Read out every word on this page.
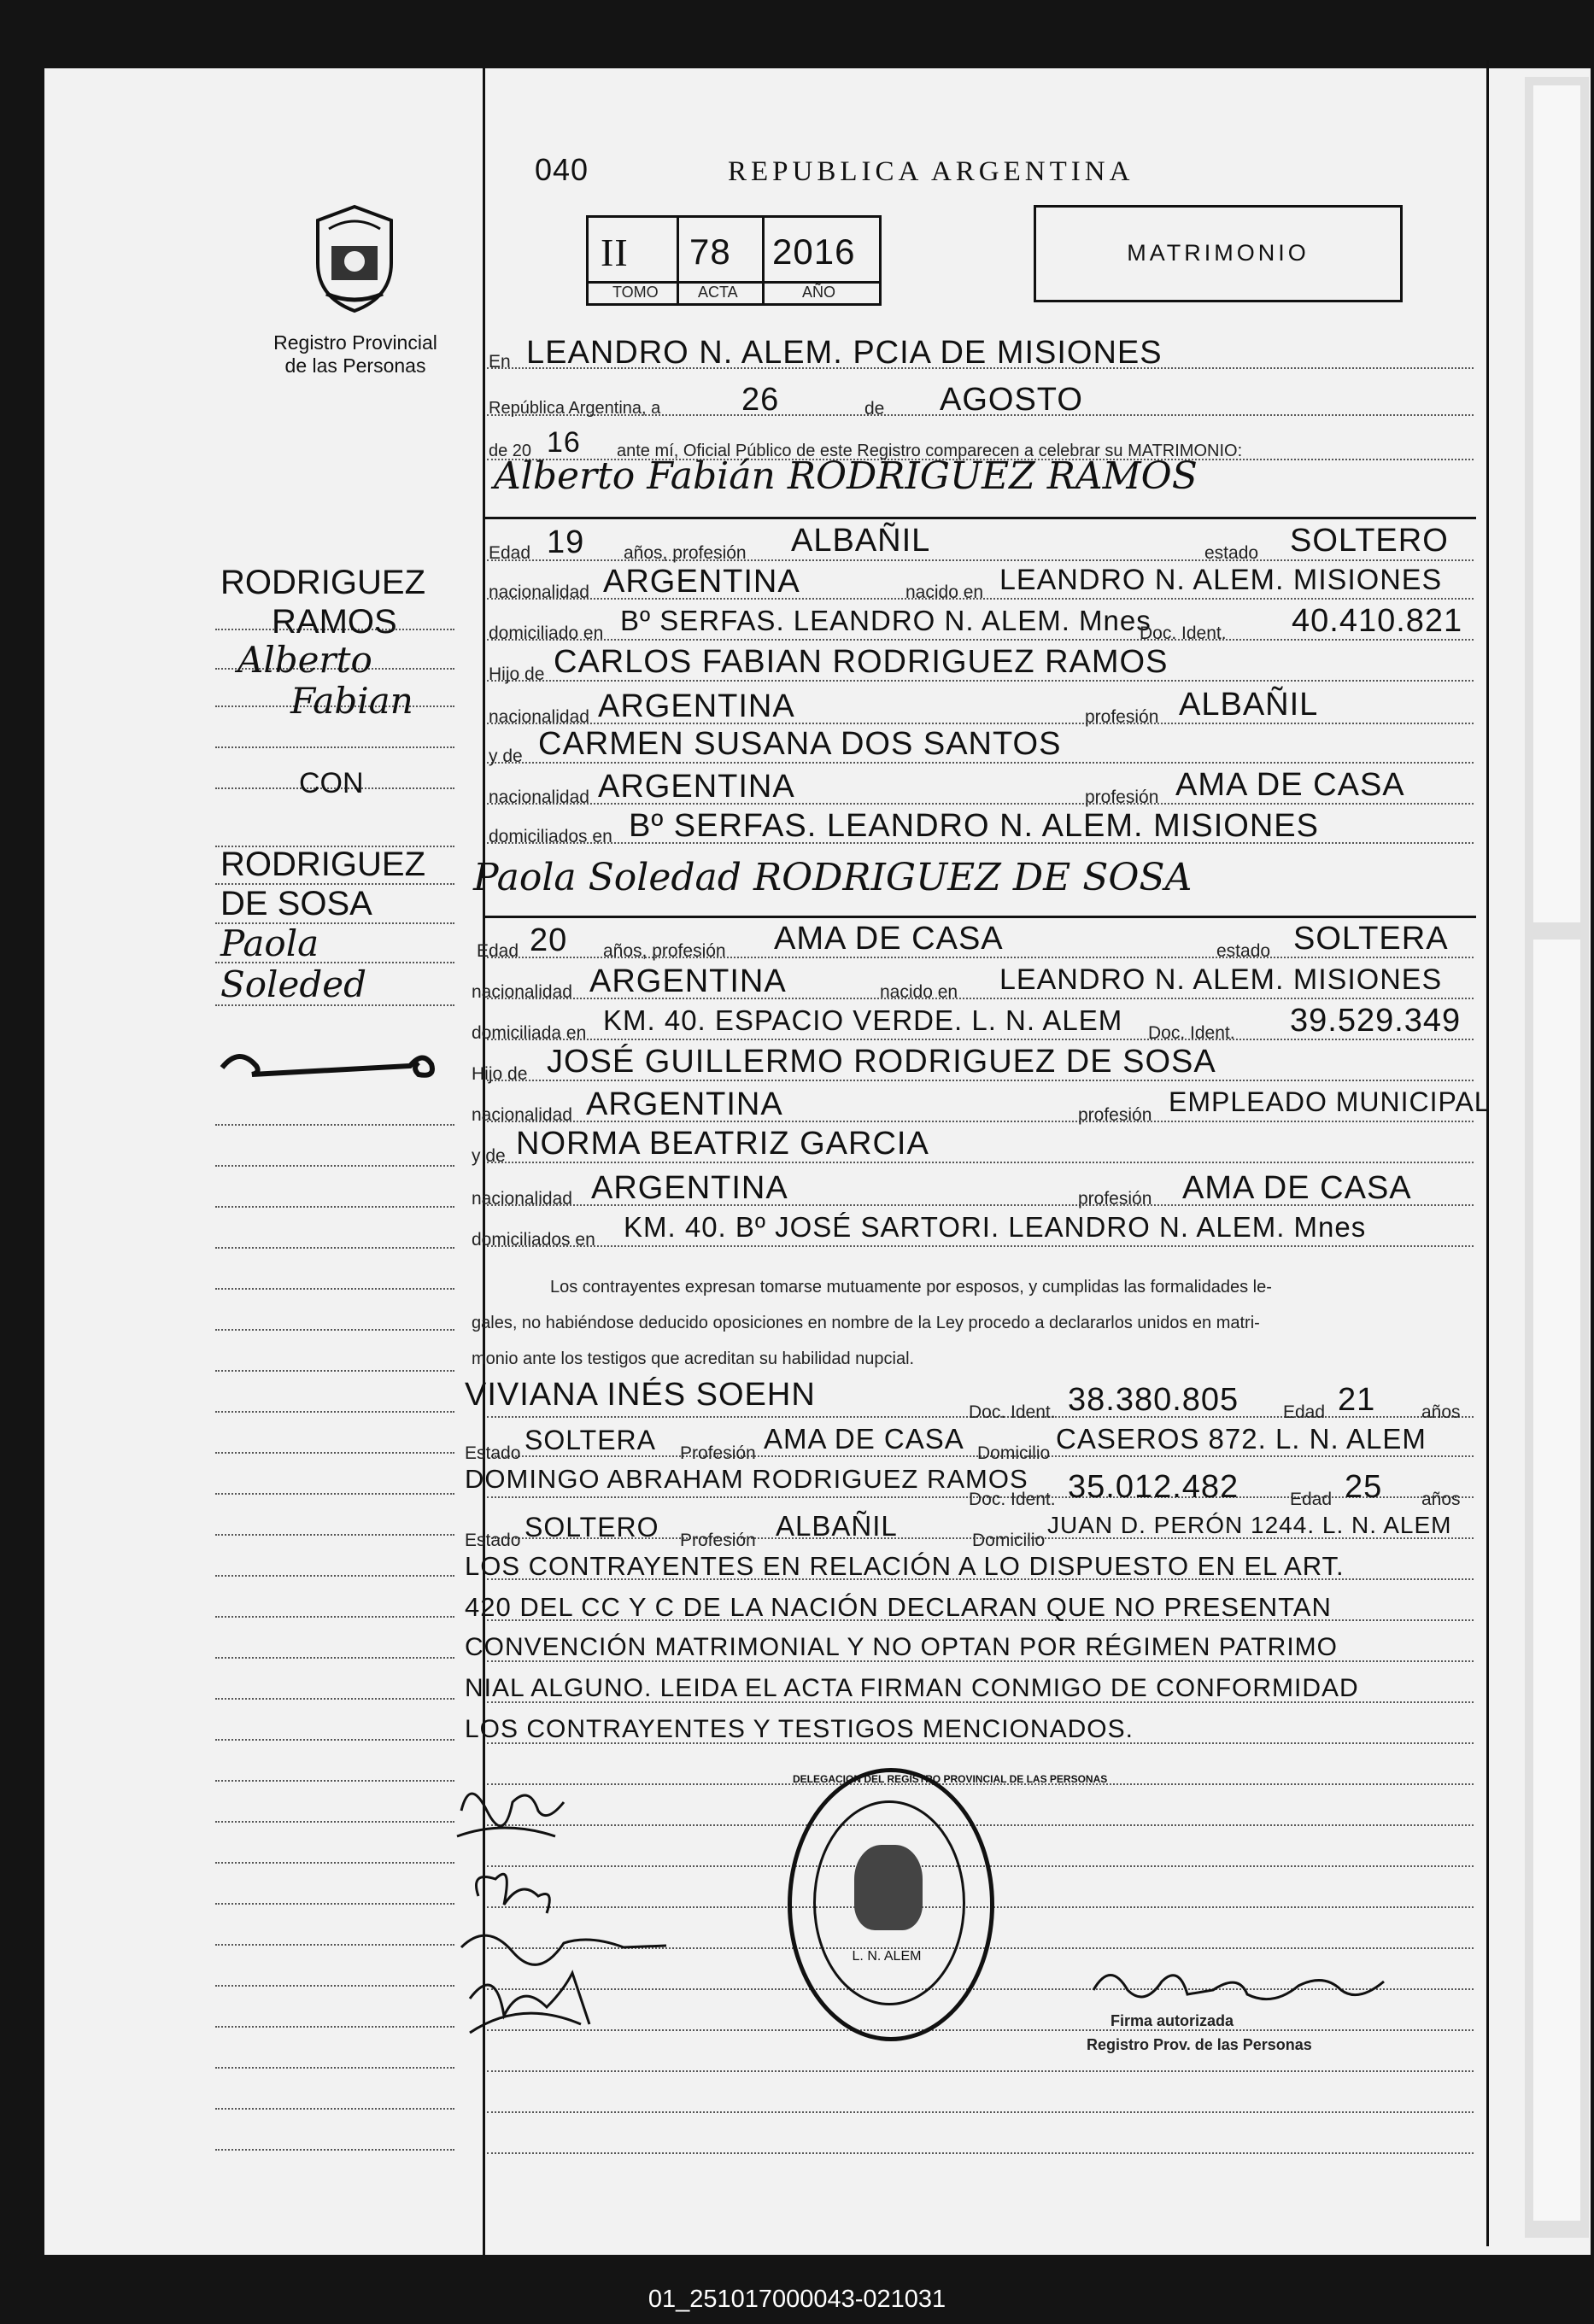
040	REPUBLICA ARGENTINA
II 78 2016
TOMO	ACTA	AÑO
MATRIMONIO
Registro Provincial
de las Personas
RODRIGUEZ
RAMOS
Alberto
Fabian
CON
RODRIGUEZ
DE SOSA
Paola
Soleded
En LEANDRO N. ALEM. PCIA DE MISIONES
República Argentina, a 26	de AGOSTO
de 20 16 ante mí, Oficial Público de este Registro comparecen a celebrar su MATRIMONIO:
Alberto Fabián RODRIGUEZ RAMOS
Edad 19 años, profesión ALBAÑIL	estado SOLTERO
nacionalidad ARGENTINA	nacido en LEANDRO N. ALEM. MISIONES
domiciliado en Bº SERFAS. LEANDRO N. ALEM. Mnes
Doc. Ident. 40.410.821
Hijo de CARLOS FABIAN RODRIGUEZ RAMOS
nacionalidad ARGENTINA	profesión ALBAÑIL
y de CARMEN SUSANA DOS SANTOS
nacionalidad ARGENTINA	profesión AMA DE CASA
domiciliados en Bº SERFAS. LEANDRO N. ALEM. MISIONES
Paola Soledad RODRIGUEZ DE SOSA
Edad 20 años, profesión AMA DE CASA	estado SOLTERA
nacionalidad ARGENTINA	nacido en LEANDRO N. ALEM. MISIONES
domiciliada en KM. 40. ESPACIO VERDE. L. N. ALEM Doc. Ident. 39.529.349
Hijo de JOSÉ GUILLERMO RODRIGUEZ DE SOSA
nacionalidad ARGENTINA	profesión EMPLEADO MUNICIPAL
y de NORMA BEATRIZ GARCIA
nacionalidad ARGENTINA	profesión AMA DE CASA
domiciliados en KM. 40. Bº JOSÉ SARTORI. LEANDRO N. ALEM. Mnes
Los contrayentes expresan tomarse mutuamente por esposos, y cumplidas las formalidades le-
gales, no habiéndose deducido oposiciones en nombre de la Ley procedo a declararlos unidos en matri-
monio ante los testigos que acreditan su habilidad nupcial.
VIVIANA INÉS SOEHN	Doc. Ident. 38.380.805 Edad 21	años
Estado SOLTERA Profesión AMA DE CASA Domicilio CASEROS 872. L. N. ALEM
DOMINGO ABRAHAM RODRIGUEZ RAMOS
Doc. Ident. 35.012.482	Edad 25 años
Estado SOLTERO Profesión ALBAÑIL	Domicilio
JUAN D. PERÓN 1244. L. N. ALEM
LOS CONTRAYENTES EN RELACIÓN A LO DISPUESTO EN EL ART.
420 DEL CC Y C DE LA NACIÓN DECLARAN QUE NO PRESENTAN
CONVENCIÓN MATRIMONIAL Y NO OPTAN POR RÉGIMEN PATRIMO
NIAL ALGUNO. LEIDA EL ACTA FIRMAN CONMIGO DE CONFORMIDAD
LOS CONTRAYENTES Y TESTIGOS MENCIONADOS.
DELEGACION DEL REGISTRO PROVINCIAL DE LAS PERSONAS
L. N. ALEM
Firma autorizada
Registro Prov. de las Personas
01_251017000043-021031
